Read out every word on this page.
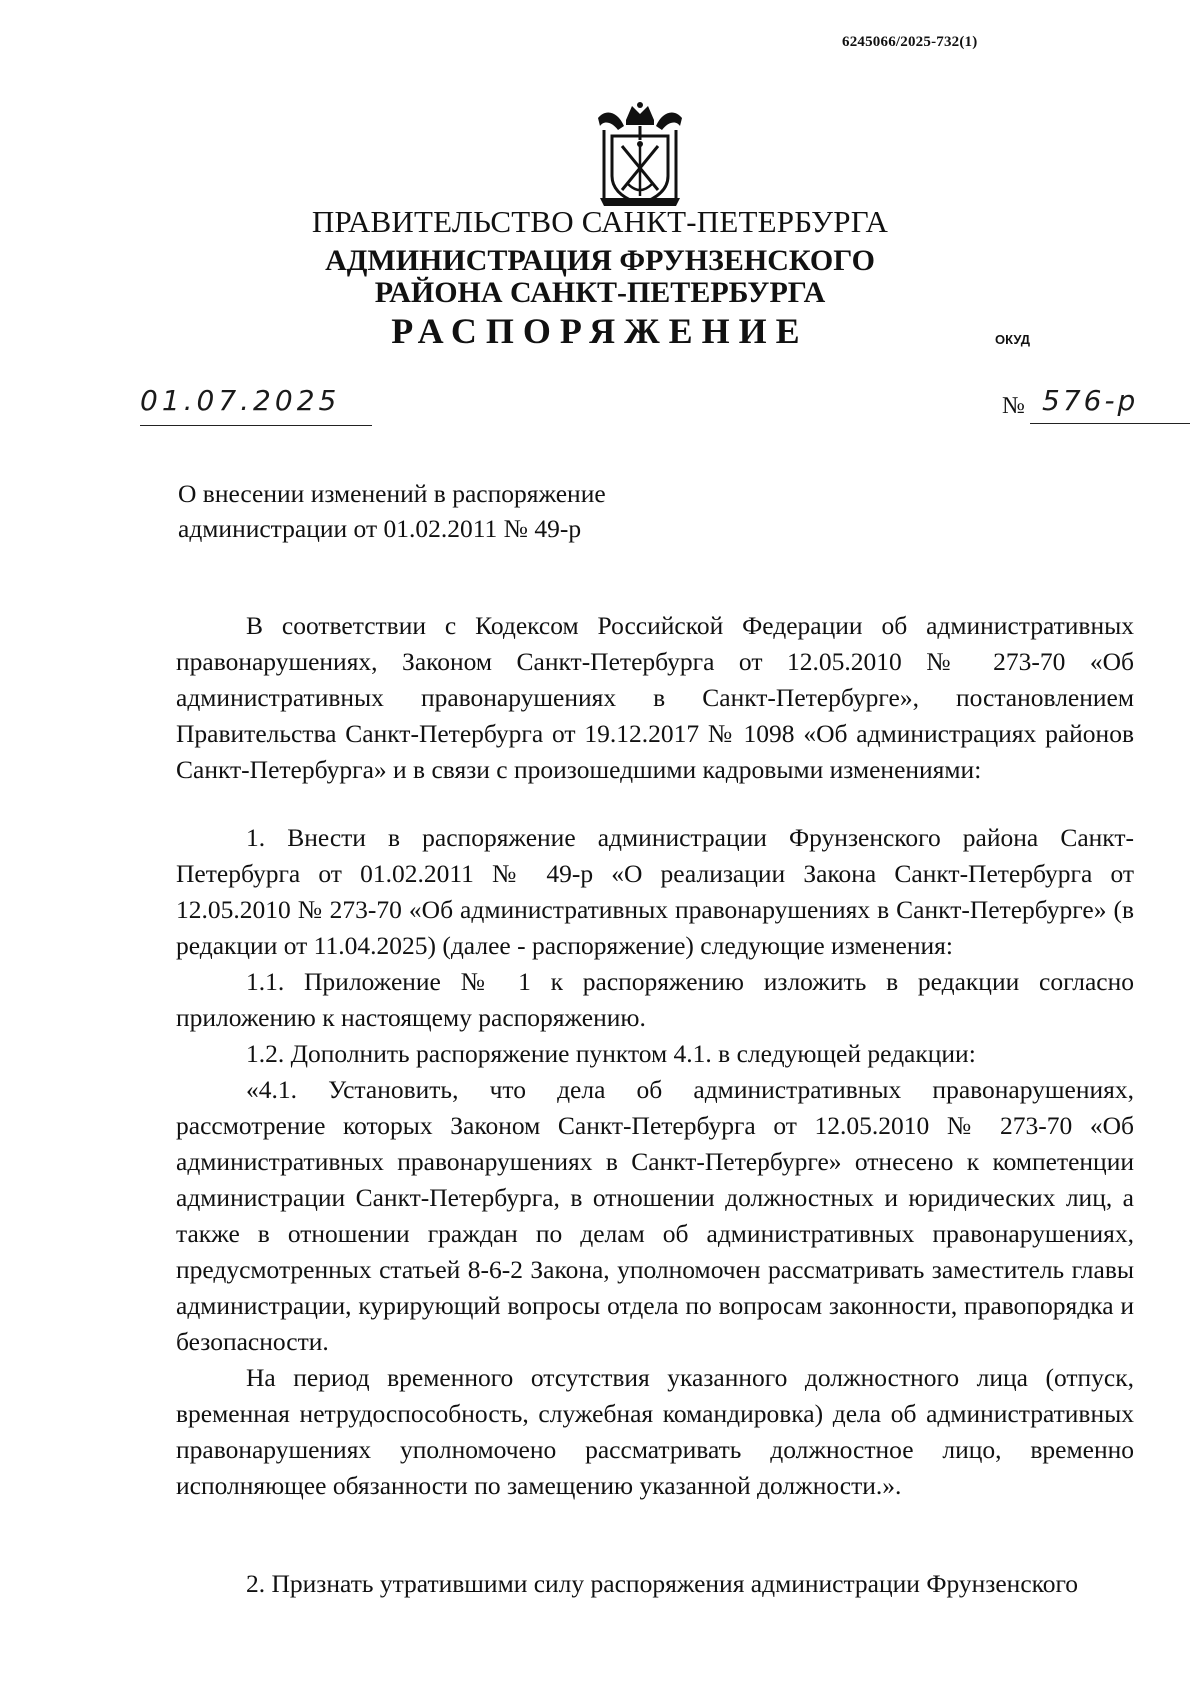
6245066/2025-732(1)
ПРАВИТЕЛЬСТВО САНКТ-ПЕТЕРБУРГА
АДМИНИСТРАЦИЯ ФРУНЗЕНСКОГО
РАЙОНА САНКТ-ПЕТЕРБУРГА
РАСПОРЯЖЕНИЕ	ОКУД
01.07.2025	№ 576-р
О внесении изменений в распоряжение
администрации от 01.02.2011 № 49-р

В соответствии с Кодексом Российской Федерации об административных правонарушениях, Законом Санкт-Петербурга от 12.05.2010 № 273-70 «Об административных правонарушениях в Санкт-Петербурге», постановлением Правительства Санкт-Петербурга от 19.12.2017 № 1098 «Об администрациях районов Санкт-Петербурга» и в связи с произошедшими кадровыми изменениями:

1. Внести в распоряжение администрации Фрунзенского района Санкт-Петербурга от 01.02.2011 № 49-р «О реализации Закона Санкт-Петербурга от 12.05.2010 № 273-70 «Об административных правонарушениях в Санкт-Петербурге» (в редакции от 11.04.2025) (далее - распоряжение) следующие изменения:

1.1. Приложение № 1 к распоряжению изложить в редакции согласно приложению к настоящему распоряжению.

1.2. Дополнить распоряжение пунктом 4.1. в следующей редакции:

«4.1. Установить, что дела об административных правонарушениях, рассмотрение которых Законом Санкт-Петербурга от 12.05.2010 № 273-70 «Об административных правонарушениях в Санкт-Петербурге» отнесено к компетенции администрации Санкт-Петербурга, в отношении должностных и юридических лиц, а также в отношении граждан по делам об административных правонарушениях, предусмотренных статьей 8-6-2 Закона, уполномочен рассматривать заместитель главы администрации, курирующий вопросы отдела по вопросам законности, правопорядка и безопасности.

На период временного отсутствия указанного должностного лица (отпуск, временная нетрудоспособность, служебная командировка) дела об административных правонарушениях уполномочено рассматривать должностное лицо, временно исполняющее обязанности по замещению указанной должности.».

2. Признать утратившими силу распоряжения администрации Фрунзенского
